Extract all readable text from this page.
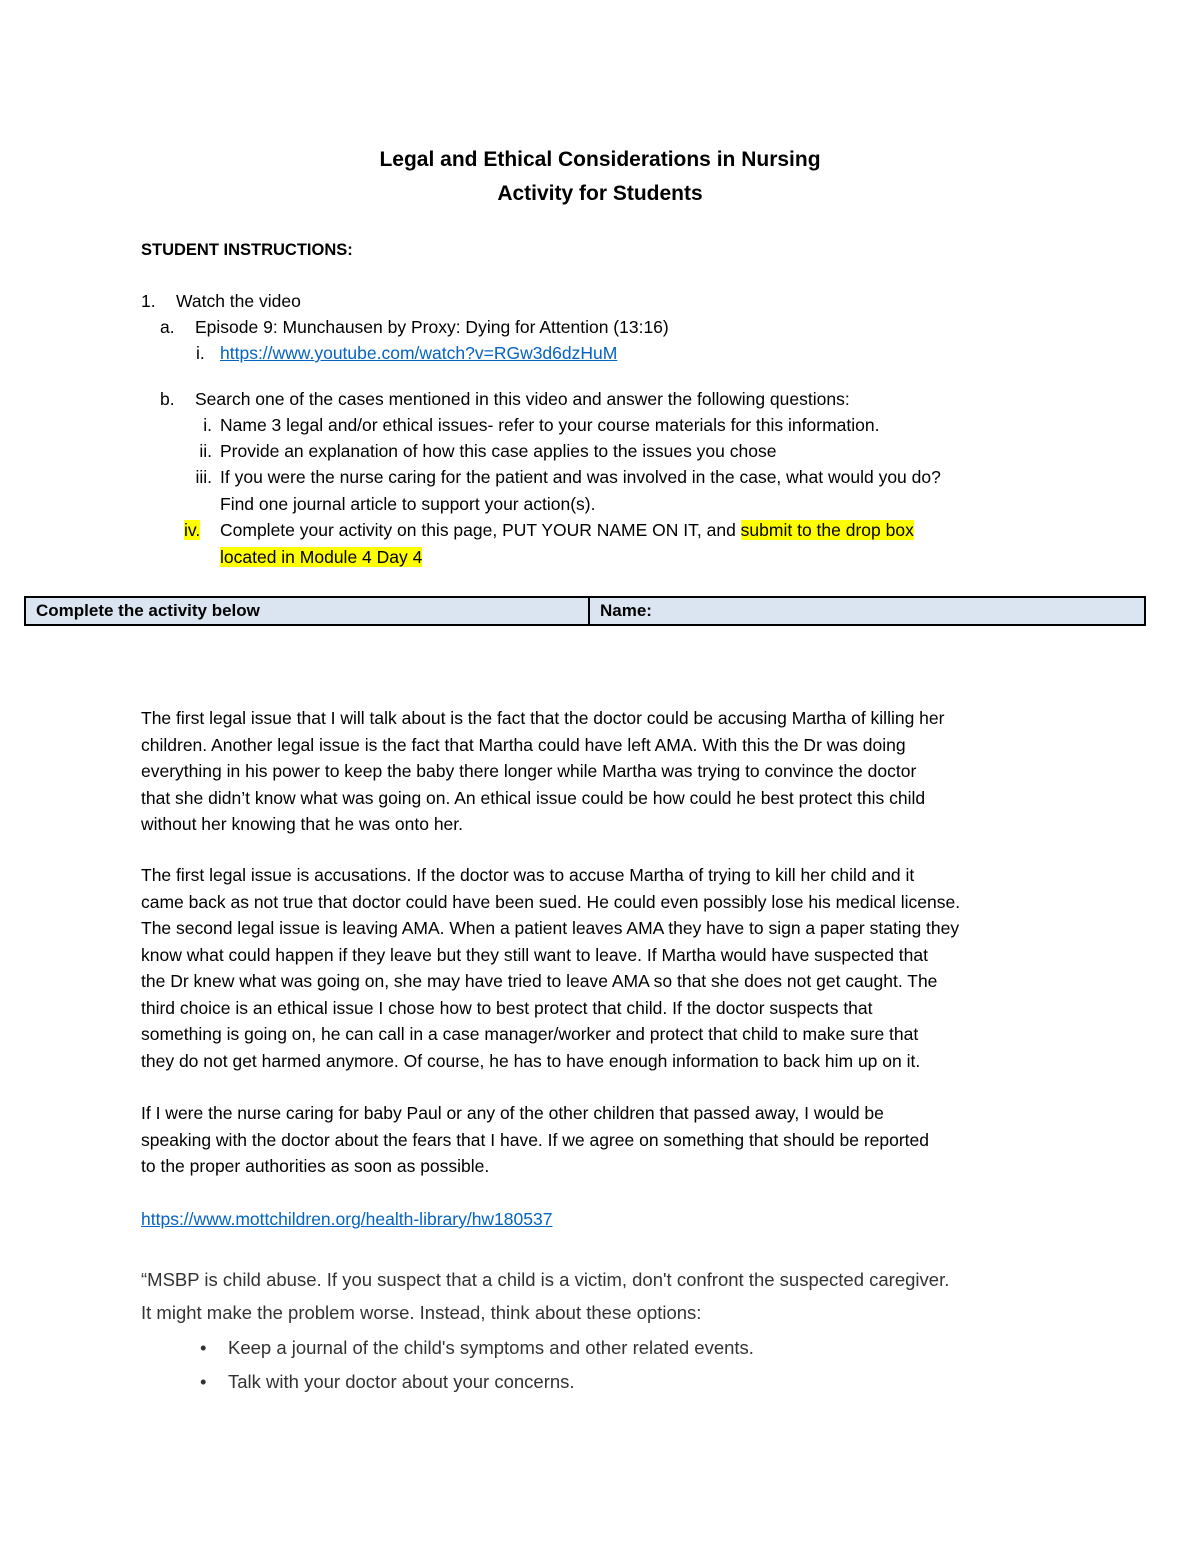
Legal and Ethical Considerations in Nursing
Activity for Students
STUDENT INSTRUCTIONS:
1. Watch the video
a. Episode 9: Munchausen by Proxy: Dying for Attention (13:16)
i. https://www.youtube.com/watch?v=RGw3d6dzHuM
b. Search one of the cases mentioned in this video and answer the following questions:
i. Name 3 legal and/or ethical issues- refer to your course materials for this information.
ii. Provide an explanation of how this case applies to the issues you chose
iii. If you were the nurse caring for the patient and was involved in the case, what would you do?
Find one journal article to support your action(s).
iv. Complete your activity on this page, PUT YOUR NAME ON IT, and submit to the drop box
located in Module 4 Day 4
Complete the activity below	Name:
The first legal issue that I will talk about is the fact that the doctor could be accusing Martha of killing her
children. Another legal issue is the fact that Martha could have left AMA. With this the Dr was doing
everything in his power to keep the baby there longer while Martha was trying to convince the doctor
that she didn’t know what was going on. An ethical issue could be how could he best protect this child
without her knowing that he was onto her.
The first legal issue is accusations. If the doctor was to accuse Martha of trying to kill her child and it
came back as not true that doctor could have been sued. He could even possibly lose his medical license.
The second legal issue is leaving AMA. When a patient leaves AMA they have to sign a paper stating they
know what could happen if they leave but they still want to leave. If Martha would have suspected that
the Dr knew what was going on, she may have tried to leave AMA so that she does not get caught. The
third choice is an ethical issue I chose how to best protect that child. If the doctor suspects that
something is going on, he can call in a case manager/worker and protect that child to make sure that
they do not get harmed anymore. Of course, he has to have enough information to back him up on it.
If I were the nurse caring for baby Paul or any of the other children that passed away, I would be
speaking with the doctor about the fears that I have. If we agree on something that should be reported
to the proper authorities as soon as possible.
https://www.mottchildren.org/health-library/hw180537
“MSBP is child abuse. If you suspect that a child is a victim, don't confront the suspected caregiver.
It might make the problem worse. Instead, think about these options:
• Keep a journal of the child's symptoms and other related events.
• Talk with your doctor about your concerns.
